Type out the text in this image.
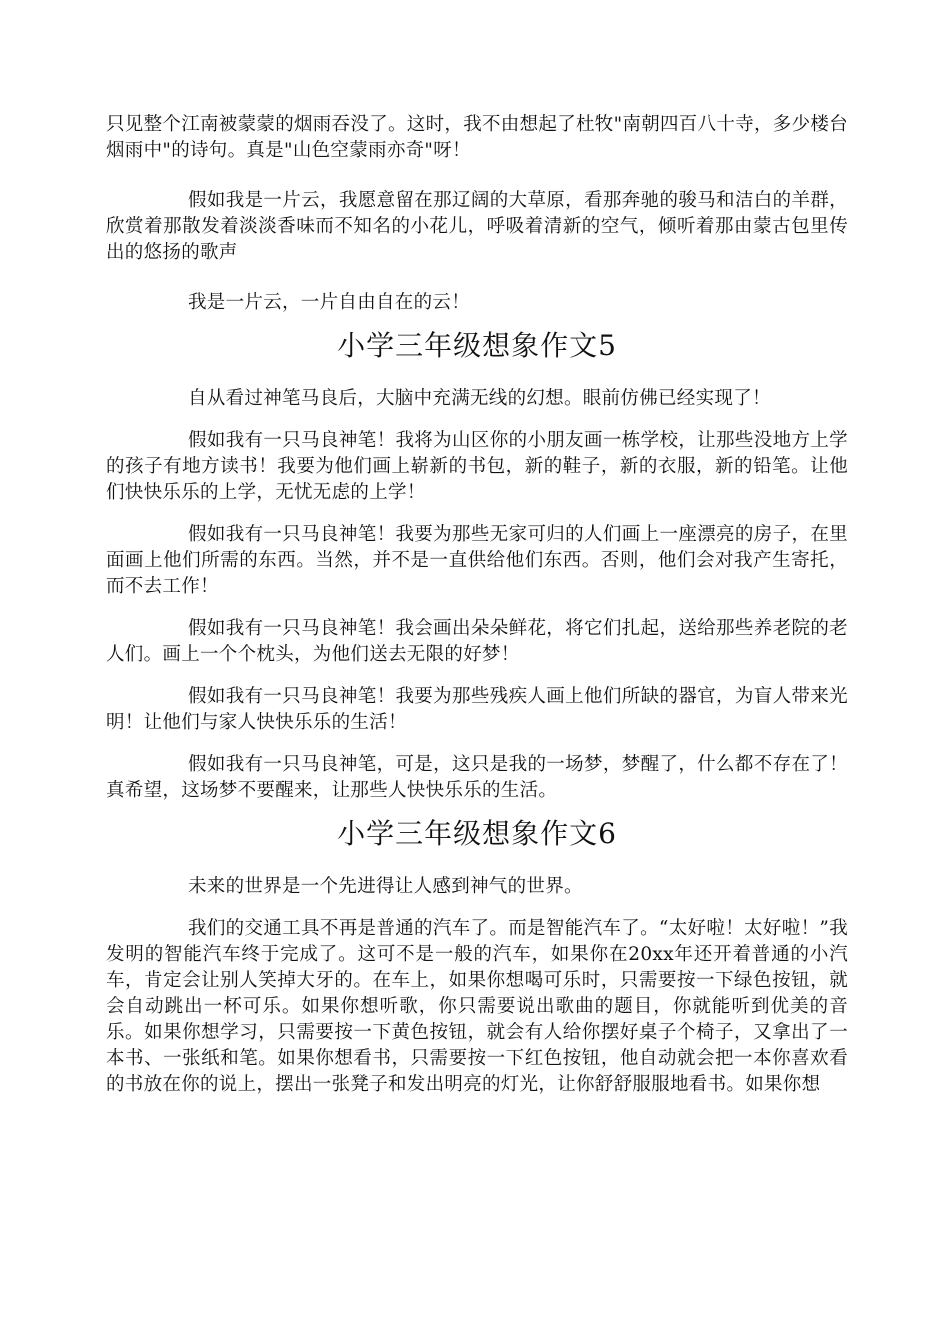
只见整个江南被蒙蒙的烟雨吞没了。这时，我不由想起了杜牧"南朝四百八十寺，多少楼台烟雨中"的诗句。真是"山色空蒙雨亦奇"呀！

假如我是一片云，我愿意留在那辽阔的大草原，看那奔驰的骏马和洁白的羊群，欣赏着那散发着淡淡香味而不知名的小花儿，呼吸着清新的空气，倾听着那由蒙古包里传出的悠扬的歌声

我是一片云，一片自由自在的云！

小学三年级想象作文5

自从看过神笔马良后，大脑中充满无线的幻想。眼前仿佛已经实现了！

假如我有一只马良神笔！我将为山区你的小朋友画一栋学校，让那些没地方上学的孩子有地方读书！我要为他们画上崭新的书包，新的鞋子，新的衣服，新的铅笔。让他们快快乐乐的上学，无忧无虑的上学！

假如我有一只马良神笔！我要为那些无家可归的人们画上一座漂亮的房子，在里面画上他们所需的东西。当然，并不是一直供给他们东西。否则，他们会对我产生寄托，而不去工作！

假如我有一只马良神笔！我会画出朵朵鲜花，将它们扎起，送给那些养老院的老人们。画上一个个枕头，为他们送去无限的好梦！

假如我有一只马良神笔！我要为那些残疾人画上他们所缺的器官，为盲人带来光明！让他们与家人快快乐乐的生活！

假如我有一只马良神笔，可是，这只是我的一场梦，梦醒了，什么都不存在了！真希望，这场梦不要醒来，让那些人快快乐乐的生活。

小学三年级想象作文6

未来的世界是一个先进得让人感到神气的世界。

我们的交通工具不再是普通的汽车了。而是智能汽车了。“太好啦！太好啦！”我发明的智能汽车终于完成了。这可不是一般的汽车，如果你在20xx年还开着普通的小汽车，肯定会让别人笑掉大牙的。在车上，如果你想喝可乐时，只需要按一下绿色按钮，就会自动跳出一杯可乐。如果你想听歌，你只需要说出歌曲的题目，你就能听到优美的音乐。如果你想学习，只需要按一下黄色按钮，就会有人给你摆好桌子个椅子，又拿出了一本书、一张纸和笔。如果你想看书，只需要按一下红色按钮，他自动就会把一本你喜欢看的书放在你的说上，摆出一张凳子和发出明亮的灯光，让你舒舒服服地看书。如果你想
